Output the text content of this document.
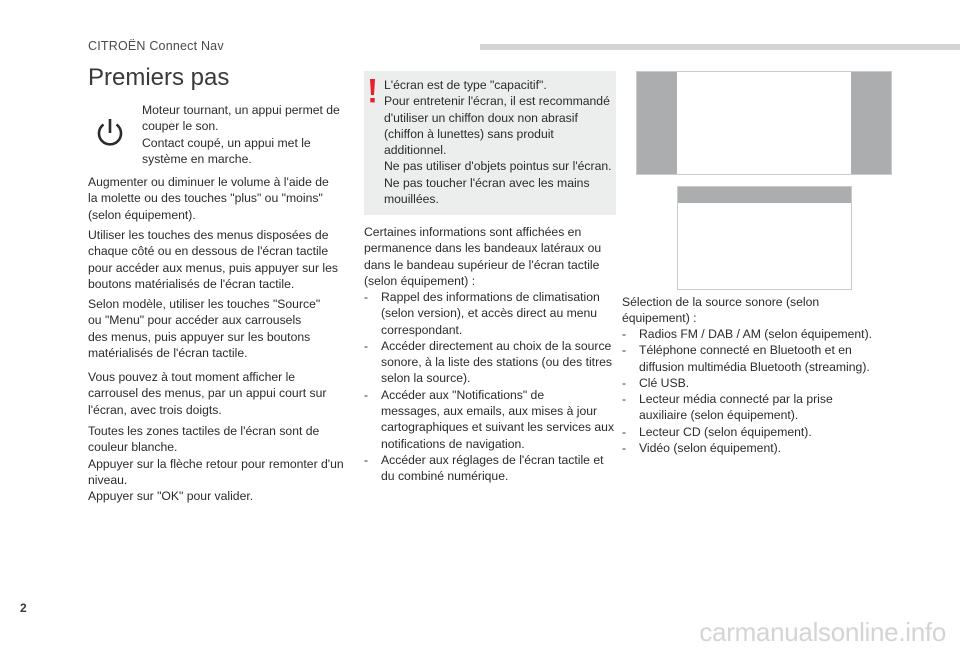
CITROËN Connect Nav
Premiers pas

Moteur tournant, un appui permet de

couper le son.

Contact coupé, un appui met le

système en marche.

Augmenter ou diminuer le volume à l'aide de

la molette ou des touches "plus" ou "moins"

(selon équipement).

Utiliser les touches des menus disposées de

chaque côté ou en dessous de l'écran tactile

pour accéder aux menus, puis appuyer sur les

boutons matérialisés de l'écran tactile.

Selon modèle, utiliser les touches "Source"

ou "Menu" pour accéder aux carrousels

des menus, puis appuyer sur les boutons

matérialisés de l'écran tactile.

Vous pouvez à tout moment afficher le

carrousel des menus, par un appui court sur

l'écran, avec trois doigts.

Toutes les zones tactiles de l'écran sont de

couleur blanche.

Appuyer sur la flèche retour pour remonter d'un

niveau.

Appuyer sur "OK" pour valider.

L'écran est de type "capacitif".

Pour entretenir l'écran, il est recommandé

d'utiliser un chiffon doux non abrasif

(chiffon à lunettes) sans produit

additionnel.

Ne pas utiliser d'objets pointus sur l'écran.

Ne pas toucher l'écran avec les mains

mouillées.

Certaines informations sont affichées en

permanence dans les bandeaux latéraux ou

dans le bandeau supérieur de l'écran tactile

(selon équipement) :

- Rappel des informations de climatisation
(selon version), et accès direct au menu
correspondant.
- Accéder directement au choix de la source
sonore, à la liste des stations (ou des titres
selon la source).
- Accéder aux "Notifications" de
messages, aux emails, aux mises à jour
cartographiques et suivant les services aux
notifications de navigation.
- Accéder aux réglages de l'écran tactile et
du combiné numérique.

Sélection de la source sonore (selon

équipement) :

- Radios FM / DAB / AM (selon équipement).
- Téléphone connecté en Bluetooth et en
diffusion multimédia Bluetooth (streaming).
- Clé USB.
- Lecteur média connecté par la prise
auxiliaire (selon équipement).
- Lecteur CD (selon équipement).
- Vidéo (selon équipement).
2
carmanualsonline.info
